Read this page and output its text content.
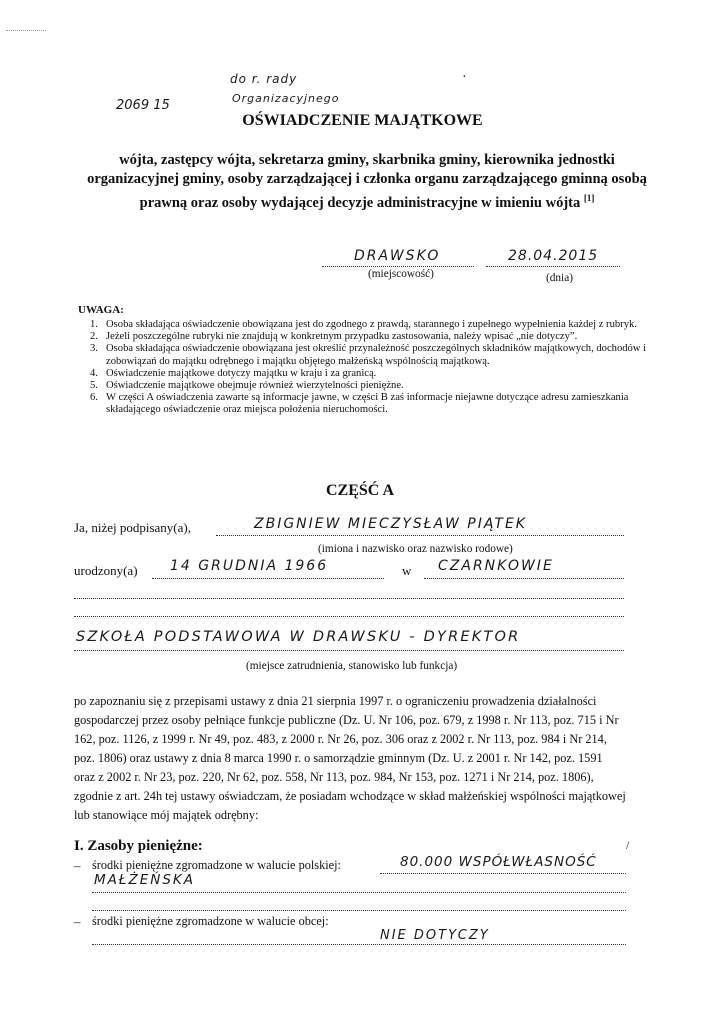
2069 15
do r. rady
Organizacyjnego
·
OŚWIADCZENIE MAJĄTKOWE
wójta, zastępcy wójta, sekretarza gminy, skarbnika gminy, kierownika jednostki organizacyjnej gminy, osoby zarządzającej i członka organu zarządzającego gminną osobą prawną oraz osoby wydającej decyzje administracyjne w imieniu wójta [1]
DRAWSKO
(miejscowość)
28.04.2015
(dnia)
UWAGA:
1. Osoba składająca oświadczenie obowiązana jest do zgodnego z prawdą, starannego i zupełnego wypełnienia każdej z rubryk.
2. Jeżeli poszczególne rubryki nie znajdują w konkretnym przypadku zastosowania, należy wpisać „nie dotyczy”.
3. Osoba składająca oświadczenie obowiązana jest określić przynależność poszczególnych składników majątkowych, dochodów i zobowiązań do majątku odrębnego i majątku objętego małżeńską wspólnością majątkową.
4. Oświadczenie majątkowe dotyczy majątku w kraju i za granicą.
5. Oświadczenie majątkowe obejmuje również wierzytelności pieniężne.
6. W części A oświadczenia zawarte są informacje jawne, w części B zaś informacje niejawne dotyczące adresu zamieszkania składającego oświadczenie oraz miejsca położenia nieruchomości.
CZĘŚĆ A
Ja, niżej podpisany(a),	ZBIGNIEW MIECZYSŁAW PIĄTEK
(imiona i nazwisko oraz nazwisko rodowe)
urodzony(a) 14 GRUDNIA 1966	w CZARNKOWIE
SZKOŁA PODSTAWOWA W DRAWSKU - DYREKTOR
(miejsce zatrudnienia, stanowisko lub funkcja)
po zapoznaniu się z przepisami ustawy z dnia 21 sierpnia 1997 r. o ograniczeniu prowadzenia działalności gospodarczej przez osoby pełniące funkcje publiczne (Dz. U. Nr 106, poz. 679, z 1998 r. Nr 113, poz. 715 i Nr 162, poz. 1126, z 1999 r. Nr 49, poz. 483, z 2000 r. Nr 26, poz. 306 oraz z 2002 r. Nr 113, poz. 984 i Nr 214, poz. 1806) oraz ustawy z dnia 8 marca 1990 r. o samorządzie gminnym (Dz. U. z 2001 r. Nr 142, poz. 1591 oraz z 2002 r. Nr 23, poz. 220, Nr 62, poz. 558, Nr 113, poz. 984, Nr 153, poz. 1271 i Nr 214, poz. 1806), zgodnie z art. 24h tej ustawy oświadczam, że posiadam wchodzące w skład małżeńskiej wspólności majątkowej lub stanowiące mój majątek odrębny:
I. Zasoby pieniężne:	/
– środki pieniężne zgromadzone w walucie polskiej:	80.000 WSPÓŁWŁASNOŚĆ
MAŁŻEŃSKA
– środki pieniężne zgromadzone w walucie obcej:
NIE DOTYCZY
